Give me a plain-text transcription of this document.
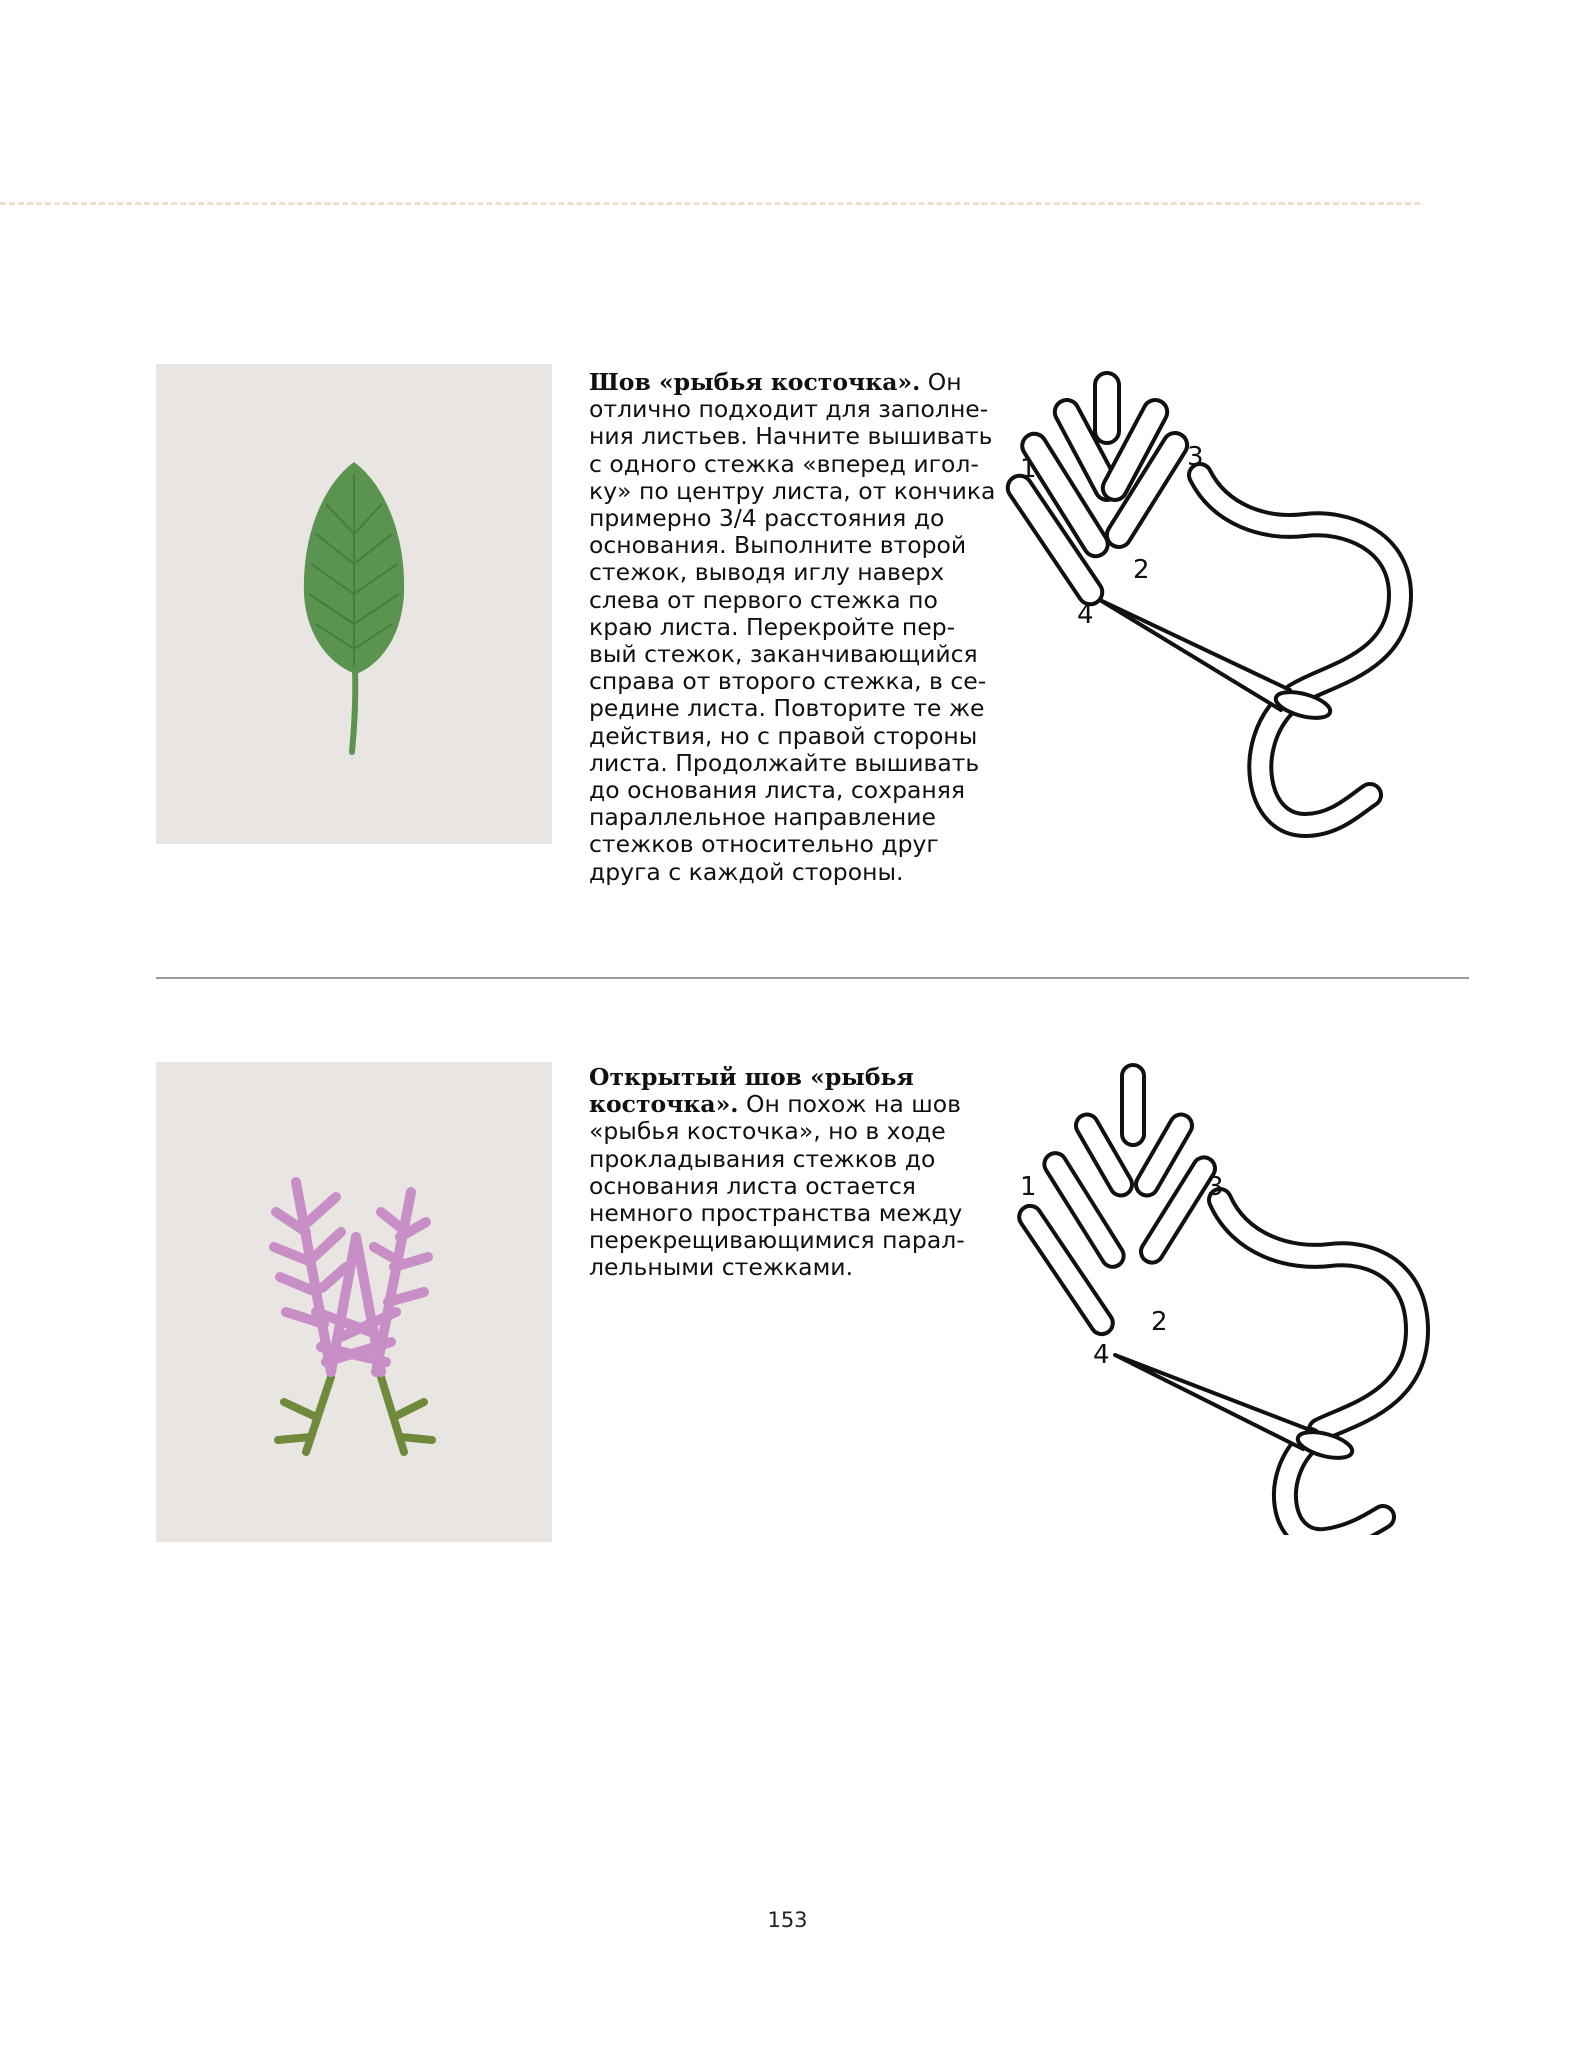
Шов «рыбья косточка». Он

отлично подходит для заполне-

ния листьев. Начните вышивать

с одного стежка «вперед игол-

ку» по центру листа, от кончика

примерно 3/4 расстояния до

основания. Выполните второй

стежок, выводя иглу наверх

слева от первого стежка по

краю листа. Перекройте пер-

вый стежок, заканчивающийся

справа от второго стежка, в се-

редине листа. Повторите те же

действия, но с правой стороны

листа. Продолжайте вышивать

до основания листа, сохраняя

параллельное направление

стежков относительно друг

друга с каждой стороны.

1
2
3
4

Открытый шов «рыбья

косточка». Он похож на шов

«рыбья косточка», но в ходе

прокладывания стежков до

основания листа остается

немного пространства между

перекрещивающимися парал-

лельными стежками.

1
2
3
4
153
